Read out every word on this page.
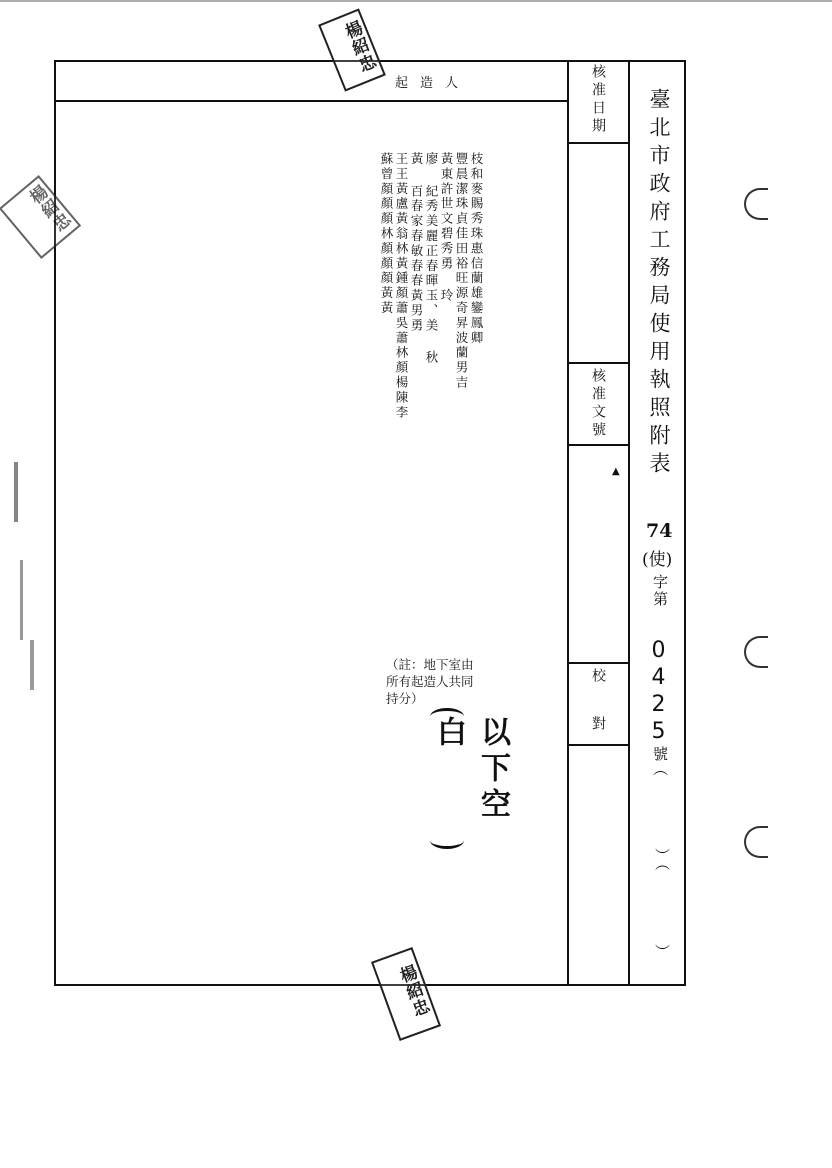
起造人
枝和麥賜秀珠惠信蘭雄鑾鳳卿
豐晨潔珠貞佳田裕旺源奇昇波蘭男吉
黃東許世文碧秀勇 玲
廖 紀秀美麗正春暉玉、美 秋
黃 百春家春敏春春黃男勇
王王黃盧黃翁林黃鍾顏蕭吳蕭林顏楊陳李
蘇曾顏顏顏林顏顏顏黃黃
（註：地下室由
所有起造人共同
持分）
以下空白
核准日期
核准文號
校對
▲ 臺北市政府工務局使用執照附表
74
(使)
字第
0425
號（
）（
）
楊紹忠
楊紹忠
楊紹忠
